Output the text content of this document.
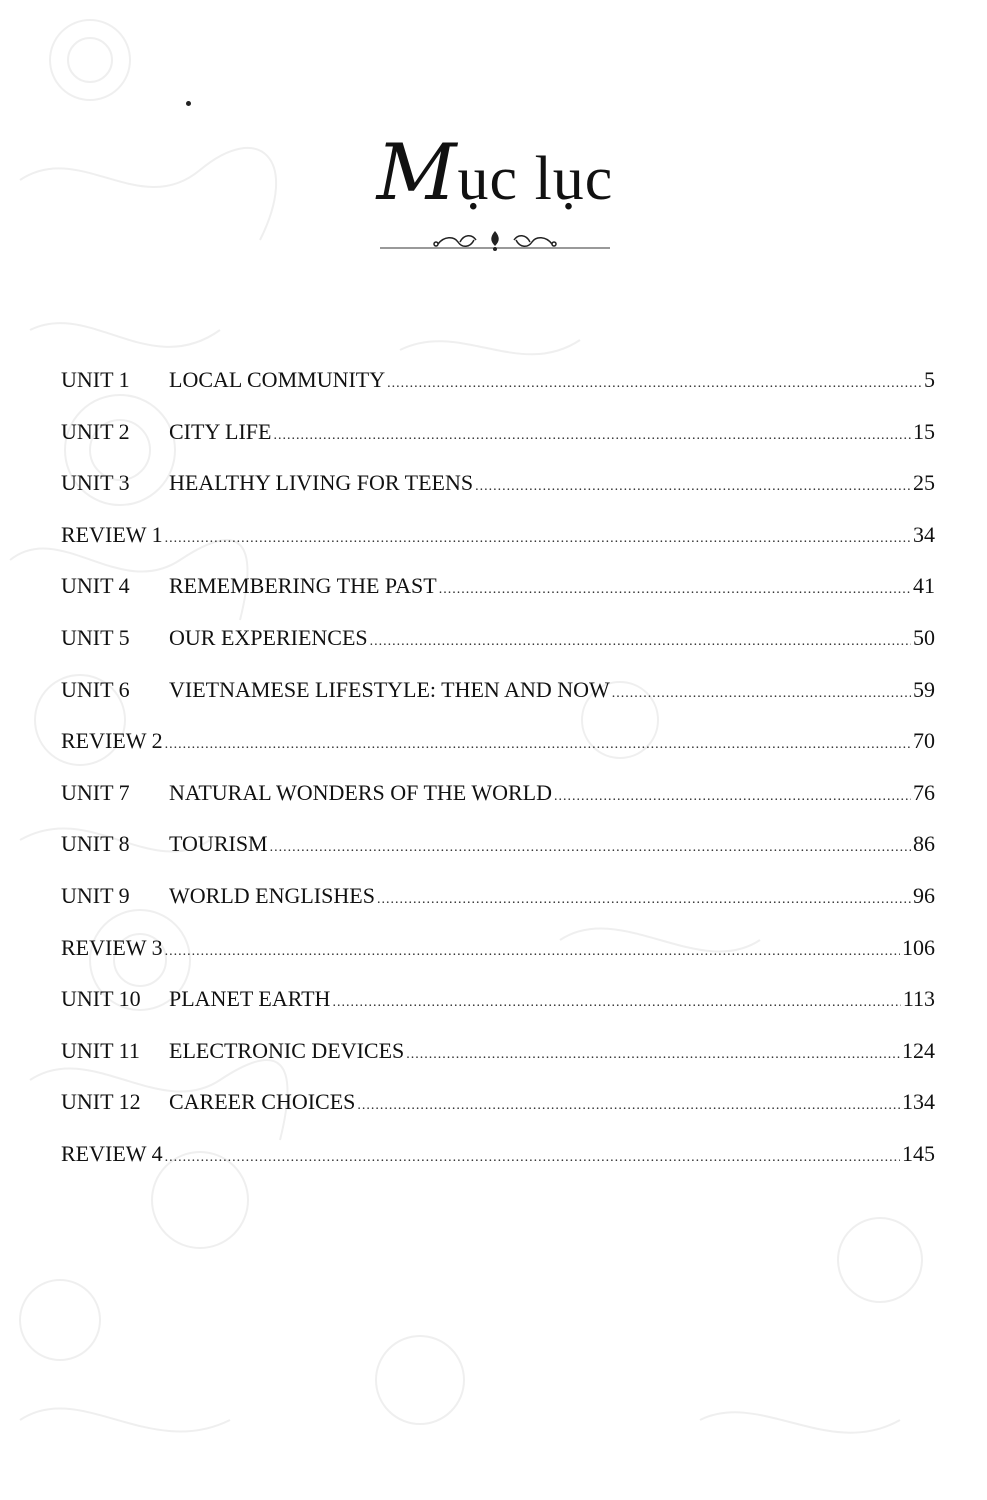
Mục lục
UNIT 1	LOCAL COMMUNITY .....	5
UNIT 2	CITY LIFE .....	15
UNIT 3	HEALTHY LIVING FOR TEENS .....	25
REVIEW 1 .....	34
UNIT 4	REMEMBERING THE PAST .....	41
UNIT 5	OUR EXPERIENCES .....	50
UNIT 6	VIETNAMESE LIFESTYLE: THEN AND NOW .....	59
REVIEW 2 .....	70
UNIT 7	NATURAL WONDERS OF THE WORLD .....	76
UNIT 8	TOURISM .....	86
UNIT 9	WORLD ENGLISHES .....	96
REVIEW 3 .....	106
UNIT 10	PLANET EARTH .....	113
UNIT 11	ELECTRONIC DEVICES .....	124
UNIT 12	CAREER CHOICES .....	134
REVIEW 4 .....	145
